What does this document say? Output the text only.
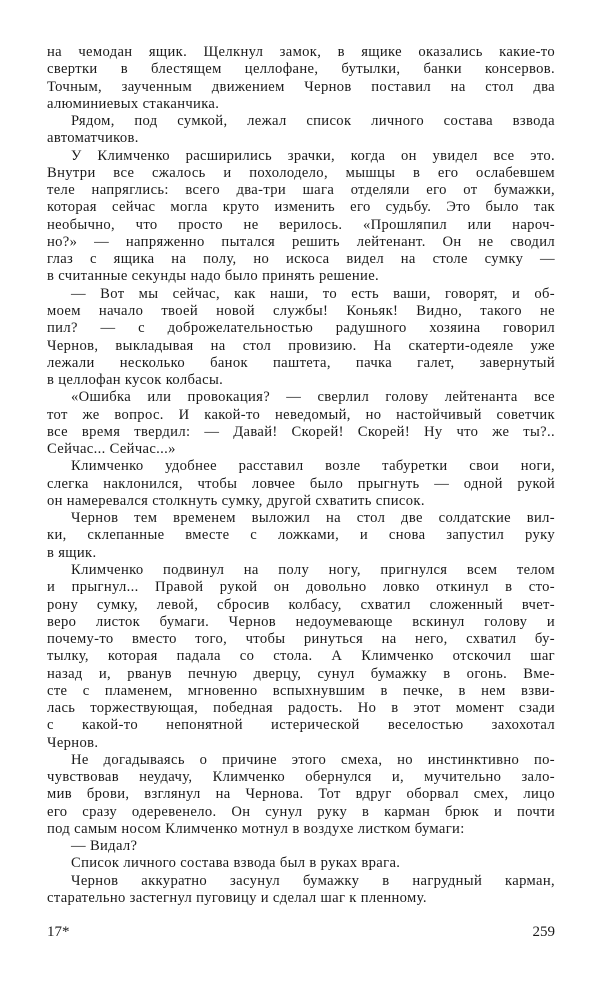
на чемодан ящик. Щелкнул замок, в ящике оказались какие-то
свертки в блестящем целлофане, бутылки, банки консервов.
Точным, заученным движением Чернов поставил на стол два
алюминиевых стаканчика.
Рядом, под сумкой, лежал список личного состава взвода
автоматчиков.
У Климченко расширились зрачки, когда он увидел все это.
Внутри все сжалось и похолодело, мышцы в его ослабевшем
теле напряглись: всего два-три шага отделяли его от бумажки,
которая сейчас могла круто изменить его судьбу. Это было так
необычно, что просто не верилось. «Прошляпил или нароч-
но?» — напряженно пытался решить лейтенант. Он не сводил
глаз с ящика на полу, но искоса видел на столе сумку —
в считанные секунды надо было принять решение.
— Вот мы сейчас, как наши, то есть ваши, говорят, и об-
моем начало твоей новой службы! Коньяк! Видно, такого не
пил? — с доброжелательностью радушного хозяина говорил
Чернов, выкладывая на стол провизию. На скатерти-одеяле уже
лежали несколько банок паштета, пачка галет, завернутый
в целлофан кусок колбасы.
«Ошибка или провокация? — сверлил голову лейтенанта все
тот же вопрос. И какой-то неведомый, но настойчивый советчик
все время твердил: — Давай! Скорей! Скорей! Ну что же ты?..
Сейчас... Сейчас...»
Климченко удобнее расставил возле табуретки свои ноги,
слегка наклонился, чтобы ловчее было прыгнуть — одной рукой
он намеревался столкнуть сумку, другой схватить список.
Чернов тем временем выложил на стол две солдатские вил-
ки, склепанные вместе с ложками, и снова запустил руку
в ящик.
Климченко подвинул на полу ногу, пригнулся всем телом
и прыгнул... Правой рукой он довольно ловко откинул в сто-
рону сумку, левой, сбросив колбасу, схватил сложенный вчет-
веро листок бумаги. Чернов недоумевающе вскинул голову и
почему-то вместо того, чтобы ринуться на него, схватил бу-
тылку, которая падала со стола. А Климченко отскочил шаг
назад и, рванув печную дверцу, сунул бумажку в огонь. Вме-
сте с пламенем, мгновенно вспыхнувшим в печке, в нем взви-
лась торжествующая, победная радость. Но в этот момент сзади
с какой-то непонятной истерической веселостью захохотал
Чернов.
Не догадываясь о причине этого смеха, но инстинктивно по-
чувствовав неудачу, Климченко обернулся и, мучительно зало-
мив брови, взглянул на Чернова. Тот вдруг оборвал смех, лицо
его сразу одеревенело. Он сунул руку в карман брюк и почти
под самым носом Климченко мотнул в воздухе листком бумаги:
— Видал?
Список личного состава взвода был в руках врага.
Чернов аккуратно засунул бумажку в нагрудный карман,
старательно застегнул пуговицу и сделал шаг к пленному.
17*	259
